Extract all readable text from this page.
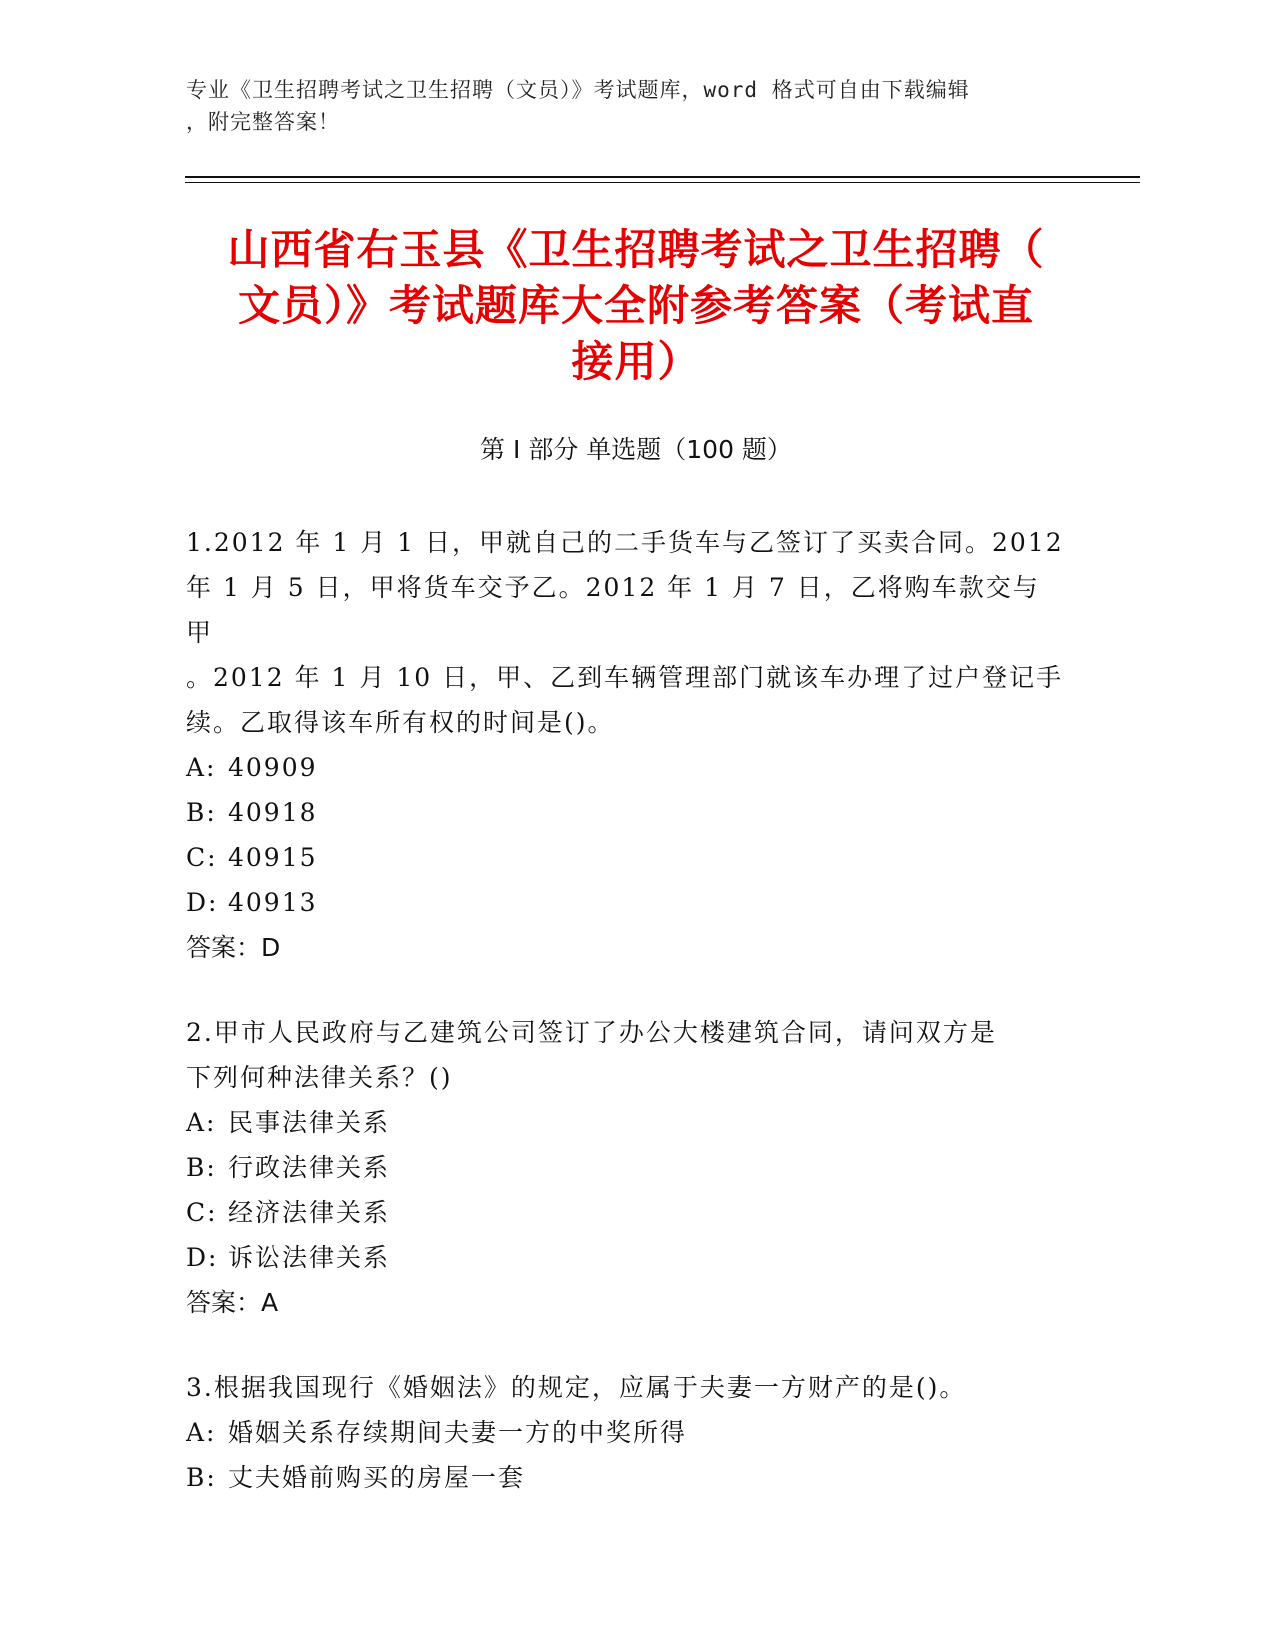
专业《卫生招聘考试之卫生招聘（文员）》考试题库，word 格式可自由下载编辑
，附完整答案！
山西省右玉县《卫生招聘考试之卫生招聘（
文员）》考试题库大全附参考答案（考试直
接用）
第 I 部分 单选题（100 题）

1.2012 年 1 月 1 日，甲就自己的二手货车与乙签订了买卖合同。2012

年 1 月 5 日，甲将货车交予乙。2012 年 1 月 7 日，乙将购车款交与甲

。2012 年 1 月 10 日，甲、乙到车辆管理部门就该车办理了过户登记手

续。乙取得该车所有权的时间是()。

A: 40909

B: 40918

C: 40915

D: 40913

答案：D

2.甲市人民政府与乙建筑公司签订了办公大楼建筑合同，请问双方是

下列何种法律关系？()

A: 民事法律关系

B: 行政法律关系

C: 经济法律关系

D: 诉讼法律关系

答案：A

3.根据我国现行《婚姻法》的规定，应属于夫妻一方财产的是()。

A: 婚姻关系存续期间夫妻一方的中奖所得

B: 丈夫婚前购买的房屋一套
